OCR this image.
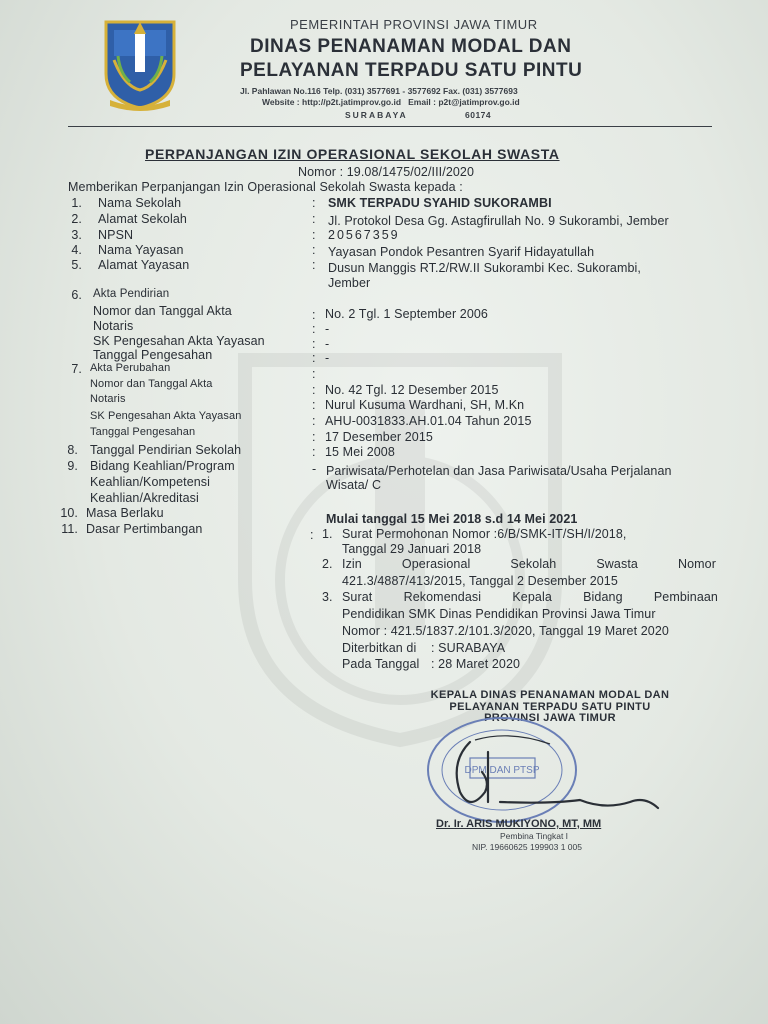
PEMERINTAH PROVINSI JAWA TIMUR
DINAS PENANAMAN MODAL DAN
PELAYANAN TERPADU SATU PINTU
Jl. Pahlawan No.116 Telp. (031) 3577691 - 3577692 Fax. (031) 3577693
Website : http://p2t.jatimprov.go.id Email : p2t@jatimprov.go.id
SURABAYA	60174
PERPANJANGAN IZIN OPERASIONAL SEKOLAH SWASTA
Nomor : 19.08/1475/02/III/2020
Memberikan Perpanjangan Izin Operasional Sekolah Swasta kepada :
1. Nama Sekolah	: SMK TERPADU SYAHID SUKORAMBI
2. Alamat Sekolah	: Jl. Protokol Desa Gg. Astagfirullah No. 9 Sukorambi, Jember
3. NPSN	: 20567359
4. Nama Yayasan	: Yayasan Pondok Pesantren Syarif Hidayatullah
5. Alamat Yayasan	: Dusun Manggis RT.2/RW.II Sukorambi Kec. Sukorambi,
Jember
6. Akta Pendirian
Nomor dan Tanggal Akta	: No. 2 Tgl. 1 September 2006
Notaris	: -
SK Pengesahan Akta Yayasan	: -
Tanggal Pengesahan	: -
7. Akta Perubahan	:
Nomor dan Tanggal Akta	: No. 42 Tgl. 12 Desember 2015
Notaris	: Nurul Kusuma Wardhani, SH, M.Kn
SK Pengesahan Akta Yayasan	: AHU-0031833.AH.01.04 Tahun 2015
Tanggal Pengesahan	: 17 Desember 2015
8. Tanggal Pendirian Sekolah	: 15 Mei 2008
9. Bidang Keahlian/Program
Keahlian/Kompetensi
Keahlian/Akreditasi
- Pariwisata/Perhotelan dan Jasa Pariwisata/Usaha Perjalanan
Wisata/ C
10. Masa Berlaku	Mulai tanggal 15 Mei 2018 s.d 14 Mei 2021
11. Dasar Pertimbangan	: 1. Surat Permohonan Nomor :6/B/SMK-IT/SH/I/2018,
Tanggal 29 Januari 2018
2. Izin Operasional Sekolah Swasta Nomor
421.3/4887/413/2015, Tanggal 2 Desember 2015
3. Surat Rekomendasi Kepala Bidang Pembinaan
Pendidikan SMK Dinas Pendidikan Provinsi Jawa Timur
Nomor : 421.5/1837.2/101.3/2020, Tanggal 19 Maret 2020
Diterbitkan di : SURABAYA
Pada Tanggal : 28 Maret 2020
KEPALA DINAS PENANAMAN MODAL DAN
PELAYANAN TERPADU SATU PINTU
PROVINSI JAWA TIMUR
DPM DAN PTSP
Dr. Ir. ARIS MUKIYONO, MT, MM
Pembina Tingkat I
NIP. 19660625 199903 1 005
